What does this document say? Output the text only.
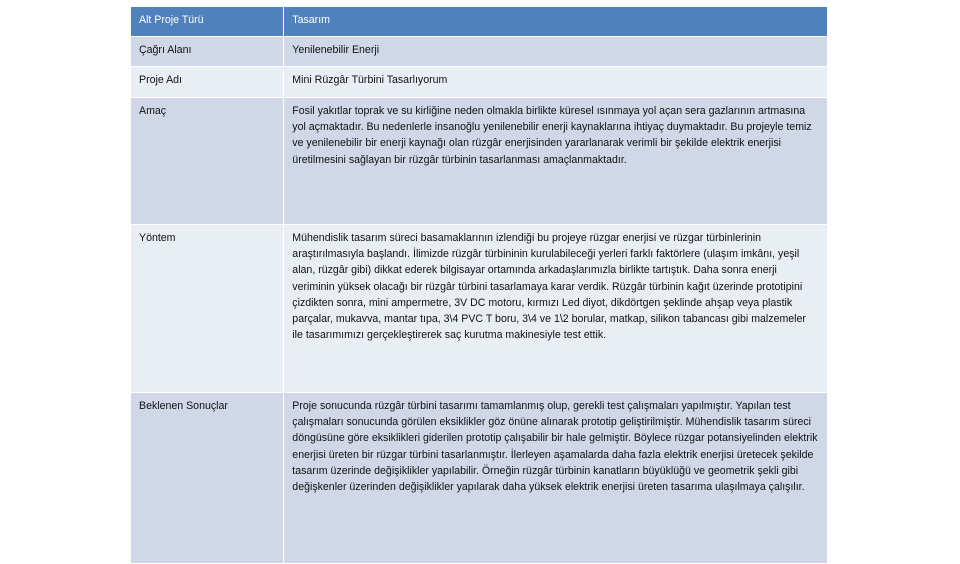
Alt Proje Türü	Tasarım
Çağrı Alanı	Yenilenebilir Enerji
Proje Adı	Mini Rüzgâr Türbini Tasarlıyorum
Amaç	Fosil yakıtlar toprak ve su kirliğine neden olmakla birlikte küresel ısınmaya yol açan sera gazlarının artmasına yol açmaktadır. Bu nedenlerle insanoğlu yenilenebilir enerji kaynaklarına ihtiyaç duymaktadır. Bu projeyle temiz ve yenilenebilir bir enerji kaynağı olan rüzgâr enerjisinden yararlanarak verimli bir şekilde elektrik enerjisi üretilmesini sağlayan bir rüzgâr türbinin tasarlanması amaçlanmaktadır.
Yöntem	Mühendislik tasarım süreci basamaklarının izlendiği bu projeye rüzgar enerjisi ve rüzgar türbinlerinin araştırılmasıyla başlandı. İlimizde rüzgâr türbininin kurulabileceği yerleri farklı faktörlere (ulaşım imkânı, yeşil alan, rüzgâr gibi) dikkat ederek bilgisayar ortamında arkadaşlarımızla birlikte tartıştık. Daha sonra enerji veriminin yüksek olacağı bir rüzgâr türbini tasarlamaya karar verdik. Rüzgâr türbinin kağıt üzerinde prototipini çizdikten sonra, mini ampermetre, 3V DC motoru, kırmızı Led diyot, dikdörtgen şeklinde ahşap veya plastik parçalar, mukavva, mantar tıpa, 3\4 PVC T boru, 3\4 ve 1\2 borular, matkap, silikon tabancası gibi malzemeler ile tasarımımızı gerçekleştirerek saç kurutma makinesiyle test ettik.
Beklenen Sonuçlar	Proje sonucunda rüzgâr türbini tasarımı tamamlanmış olup, gerekli test çalışmaları yapılmıştır. Yapılan test çalışmaları sonucunda görülen eksiklikler göz önüne alınarak prototip geliştirilmiştir. Mühendislik tasarım süreci döngüsüne göre eksiklikleri giderilen prototip çalışabilir bir hale gelmiştir. Böylece rüzgar potansiyelinden elektrik enerjisi üreten bir rüzgar türbini tasarlanmıştır. İlerleyen aşamalarda daha fazla elektrik enerjisi üretecek şekilde tasarım üzerinde değişiklikler yapılabilir. Örneğin rüzgâr türbinin kanatların büyüklüğü ve geometrik şekli gibi değişkenler üzerinden değişiklikler yapılarak daha yüksek elektrik enerjisi üreten tasarıma ulaşılmaya çalışılır.
